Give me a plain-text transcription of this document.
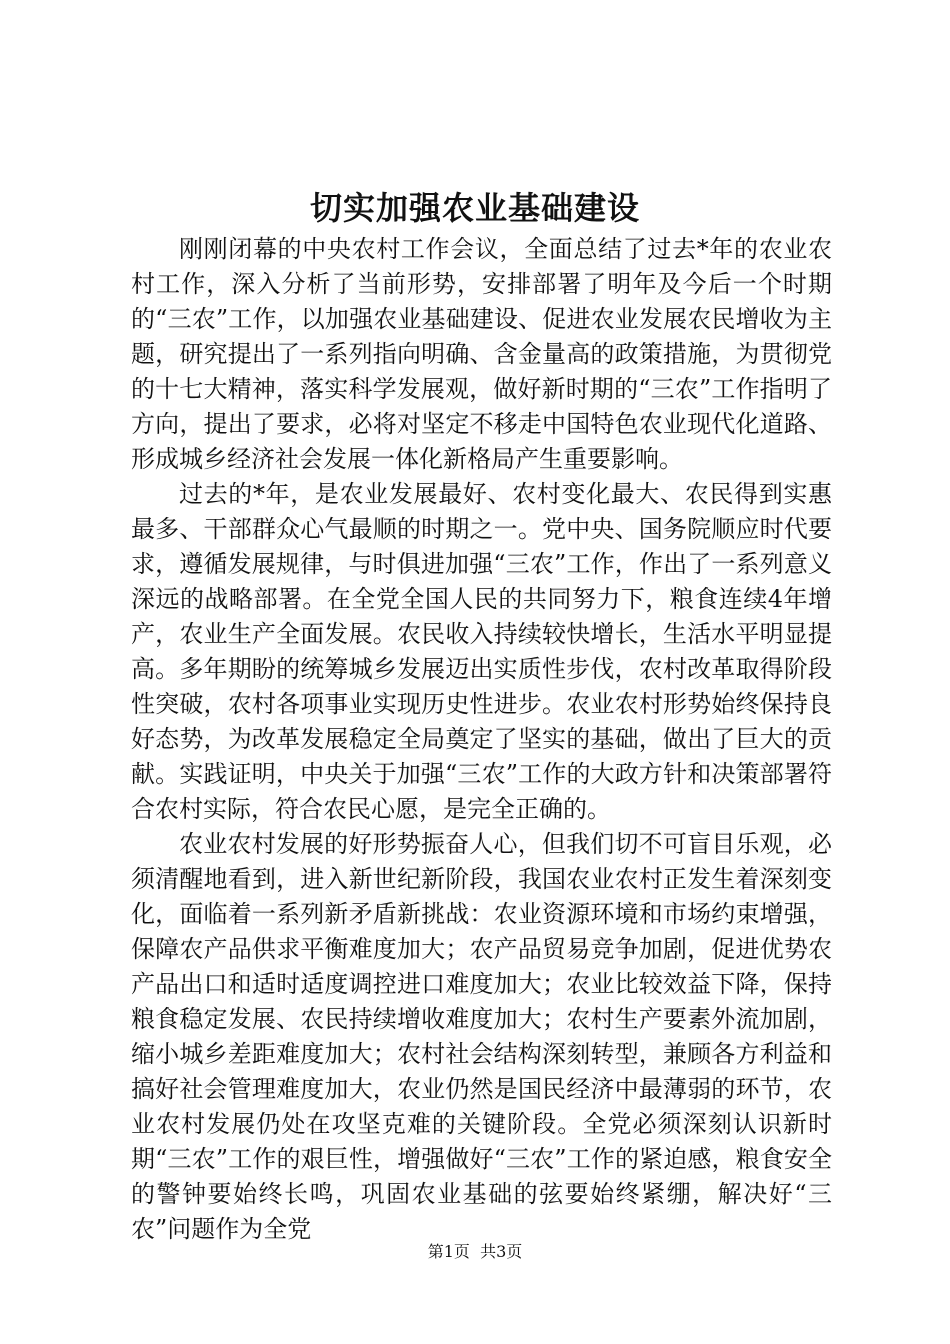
切实加强农业基础建设

刚刚闭幕的中央农村工作会议，全面总结了过去*年的农业农村工作，深入分析了当前形势，安排部署了明年及今后一个时期的“三农”工作，以加强农业基础建设、促进农业发展农民增收为主题，研究提出了一系列指向明确、含金量高的政策措施，为贯彻党的十七大精神，落实科学发展观，做好新时期的“三农”工作指明了方向，提出了要求，必将对坚定不移走中国特色农业现代化道路、形成城乡经济社会发展一体化新格局产生重要影响。

过去的*年，是农业发展最好、农村变化最大、农民得到实惠最多、干部群众心气最顺的时期之一。党中央、国务院顺应时代要求，遵循发展规律，与时俱进加强“三农”工作，作出了一系列意义深远的战略部署。在全党全国人民的共同努力下，粮食连续4年增产，农业生产全面发展。农民收入持续较快增长，生活水平明显提高。多年期盼的统筹城乡发展迈出实质性步伐，农村改革取得阶段性突破，农村各项事业实现历史性进步。农业农村形势始终保持良好态势，为改革发展稳定全局奠定了坚实的基础，做出了巨大的贡献。实践证明，中央关于加强“三农”工作的大政方针和决策部署符合农村实际，符合农民心愿，是完全正确的。

农业农村发展的好形势振奋人心，但我们切不可盲目乐观，必须清醒地看到，进入新世纪新阶段，我国农业农村正发生着深刻变化，面临着一系列新矛盾新挑战：农业资源环境和市场约束增强，保障农产品供求平衡难度加大；农产品贸易竞争加剧，促进优势农产品出口和适时适度调控进口难度加大；农业比较效益下降，保持粮食稳定发展、农民持续增收难度加大；农村生产要素外流加剧，缩小城乡差距难度加大；农村社会结构深刻转型，兼顾各方利益和搞好社会管理难度加大，农业仍然是国民经济中最薄弱的环节，农业农村发展仍处在攻坚克难的关键阶段。全党必须深刻认识新时期“三农”工作的艰巨性，增强做好“三农”工作的紧迫感，粮食安全的警钟要始终长鸣，巩固农业基础的弦要始终紧绷，解决好“三农”问题作为全党

第1页  共3页
